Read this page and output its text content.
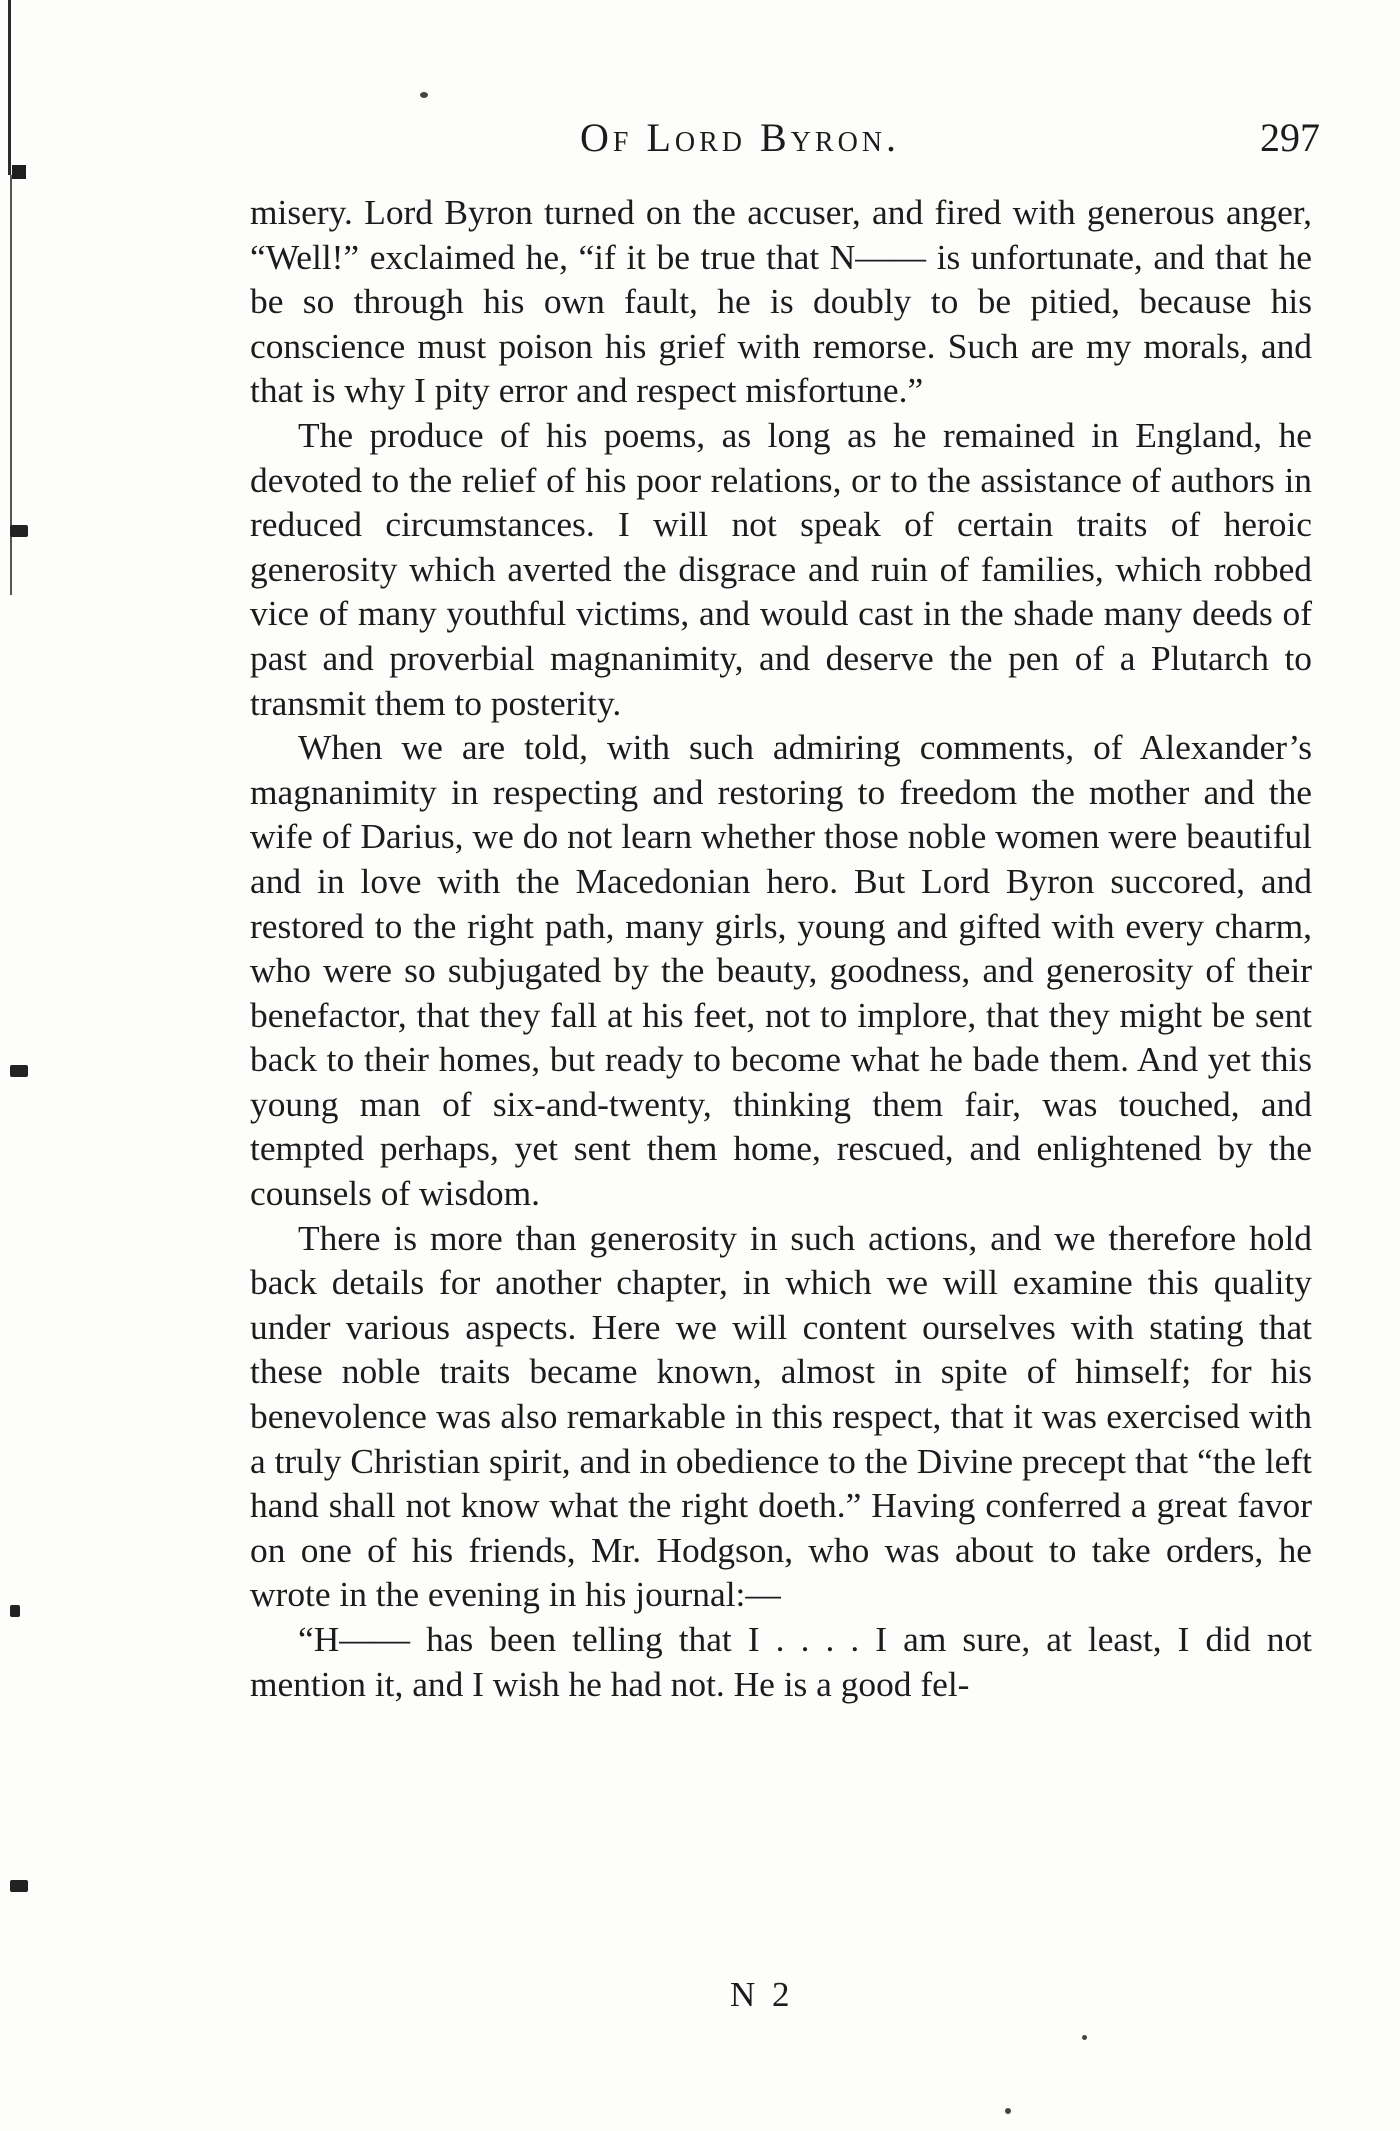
Of Lord Byron.	297

misery. Lord Byron turned on the accuser, and fired with generous anger, “Well!” exclaimed he, “if it be true that N—— is unfortunate, and that he be so through his own fault, he is doubly to be pitied, because his conscience must poison his grief with remorse. Such are my morals, and that is why I pity error and respect misfortune.”

The produce of his poems, as long as he remained in England, he devoted to the relief of his poor relations, or to the assistance of authors in reduced circumstances. I will not speak of certain traits of heroic generosity which averted the disgrace and ruin of families, which robbed vice of many youthful victims, and would cast in the shade many deeds of past and proverbial magnanimity, and deserve the pen of a Plutarch to transmit them to posterity.

When we are told, with such admiring comments, of Alexander’s magnanimity in respecting and restoring to freedom the mother and the wife of Darius, we do not learn whether those noble women were beautiful and in love with the Macedonian hero. But Lord Byron succored, and restored to the right path, many girls, young and gifted with every charm, who were so subjugated by the beauty, goodness, and generosity of their benefactor, that they fall at his feet, not to implore, that they might be sent back to their homes, but ready to become what he bade them. And yet this young man of six-and-twenty, thinking them fair, was touched, and tempted perhaps, yet sent them home, rescued, and enlightened by the counsels of wisdom.

There is more than generosity in such actions, and we therefore hold back details for another chapter, in which we will examine this quality under various aspects. Here we will content ourselves with stating that these noble traits became known, almost in spite of himself; for his benevolence was also remarkable in this respect, that it was exercised with a truly Christian spirit, and in obedience to the Divine precept that “the left hand shall not know what the right doeth.” Having conferred a great favor on one of his friends, Mr. Hodgson, who was about to take orders, he wrote in the evening in his journal:—

“H—— has been telling that I . . . . I am sure, at least, I did not mention it, and I wish he had not. He is a good fel-

N 2
